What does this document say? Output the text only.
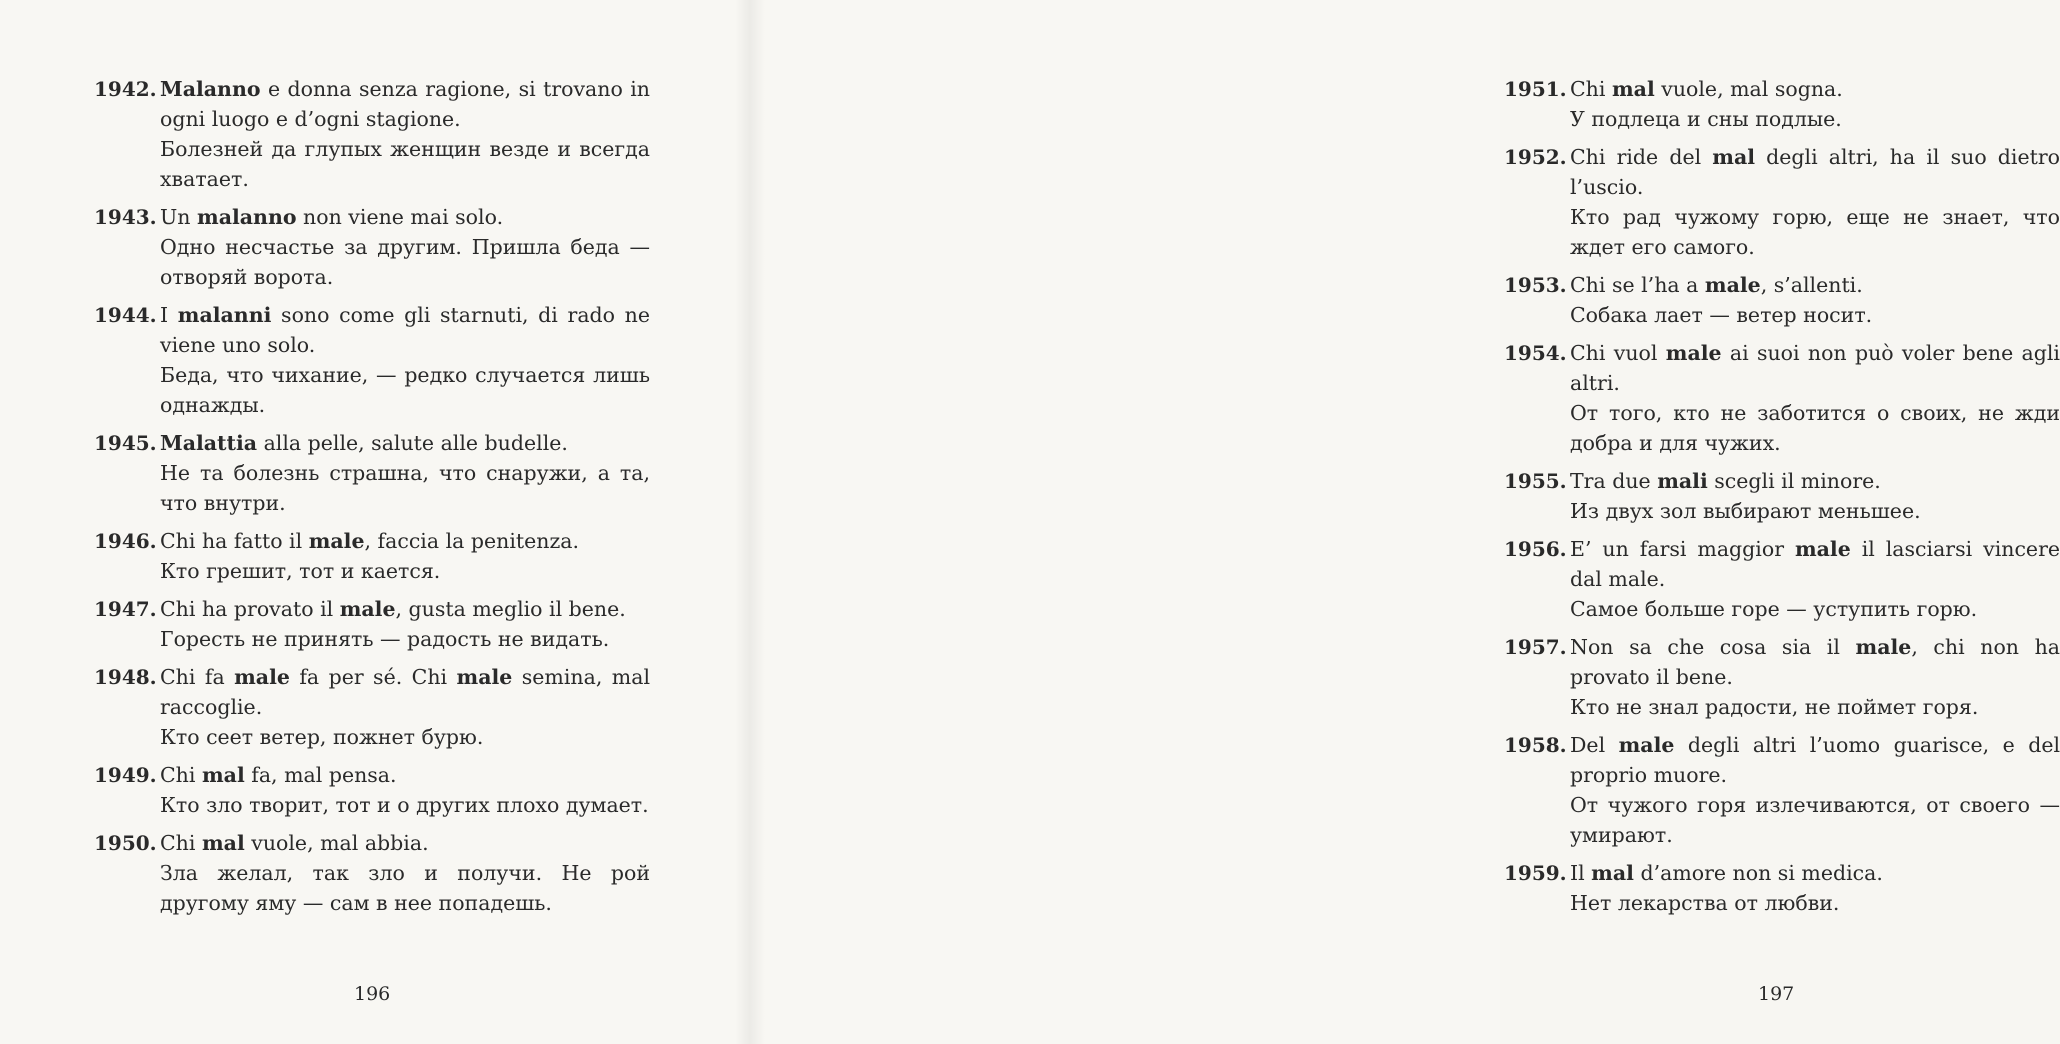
1942. Malanno e donna senza ragione, si trovano in ogni luogo e d’ogni stagione.
Болезней да глупых женщин везде и всегда хватает.
1943. Un malanno non viene mai solo.
Одно несчастье за другим. Пришла беда — отворяй ворота.
1944. I malanni sono come gli starnuti, di rado ne viene uno solo.
Беда, что чихание, — редко случается лишь однажды.
1945. Malattia alla pelle, salute alle budelle.
Не та болезнь страшна, что снаружи, а та, что внутри.
1946. Chi ha fatto il male, faccia la penitenza.
Кто грешит, тот и кается.
1947. Chi ha provato il male, gusta meglio il bene.
Горесть не принять — радость не видать.
1948. Chi fa male fa per sé. Chi male semina, mal raccoglie.
Кто сеет ветер, пожнет бурю.
1949. Chi mal fa, mal pensa.
Кто зло творит, тот и о других плохо думает.
1950. Chi mal vuole, mal abbia.
Зла желал, так зло и получи. Не рой другому яму — сам в нее попадешь.
196
1951. Chi mal vuole, mal sogna.
У подлеца и сны подлые.
1952. Chi ride del mal degli altri, ha il suo dietro l’uscio.
Кто рад чужому горю, еще не знает, что ждет его самого.
1953. Chi se l’ha a male, s’allenti.
Собака лает — ветер носит.
1954. Chi vuol male ai suoi non può voler bene agli altri.
От того, кто не заботится о своих, не жди добра и для чужих.
1955. Tra due mali scegli il minore.
Из двух зол выбирают меньшее.
1956. E’ un farsi maggior male il lasciarsi vincere dal male.
Самое больше горе — уступить горю.
1957. Non sa che cosa sia il male, chi non ha provato il bene.
Кто не знал радости, не поймет горя.
1958. Del male degli altri l’uomo guarisce, e del proprio muore.
От чужого горя излечиваются, от своего — умирают.
1959. Il mal d’amore non si medica.
Нет лекарства от любви.
197
